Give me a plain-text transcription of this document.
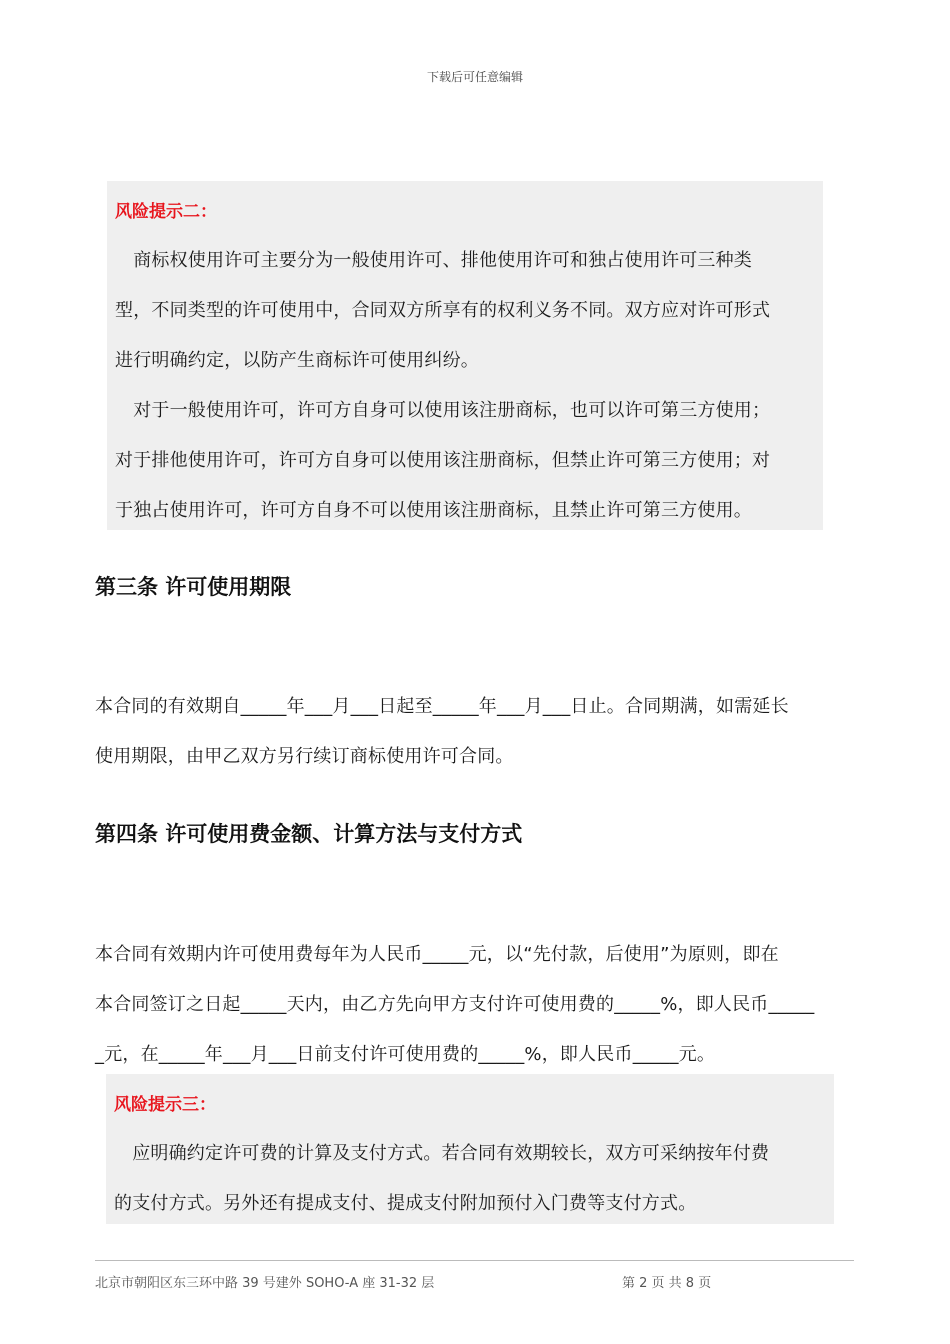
下载后可任意编辑
风险提示二：
　商标权使用许可主要分为一般使用许可、排他使用许可和独占使用许可三种类
型，不同类型的许可使用中，合同双方所享有的权利义务不同。双方应对许可形式
进行明确约定，以防产生商标许可使用纠纷。
　对于一般使用许可，许可方自身可以使用该注册商标，也可以许可第三方使用；
对于排他使用许可，许可方自身可以使用该注册商标，但禁止许可第三方使用；对
于独占使用许可，许可方自身不可以使用该注册商标，且禁止许可第三方使用。
第三条 许可使用期限
本合同的有效期自_____年___月___日起至_____年___月___日止。合同期满，如需延长
使用期限，由甲乙双方另行续订商标使用许可合同。
第四条 许可使用费金额、计算方法与支付方式
本合同有效期内许可使用费每年为人民币_____元，以“先付款，后使用”为原则，即在
本合同签订之日起_____天内，由乙方先向甲方支付许可使用费的_____%，即人民币_____
_元，在_____年___月___日前支付许可使用费的_____%，即人民币_____元。
风险提示三：
　应明确约定许可费的计算及支付方式。若合同有效期较长，双方可采纳按年付费
的支付方式。另外还有提成支付、提成支付附加预付入门费等支付方式。
北京市朝阳区东三环中路 39 号建外 SOHO-A 座 31-32 层	第 2 页 共 8 页
